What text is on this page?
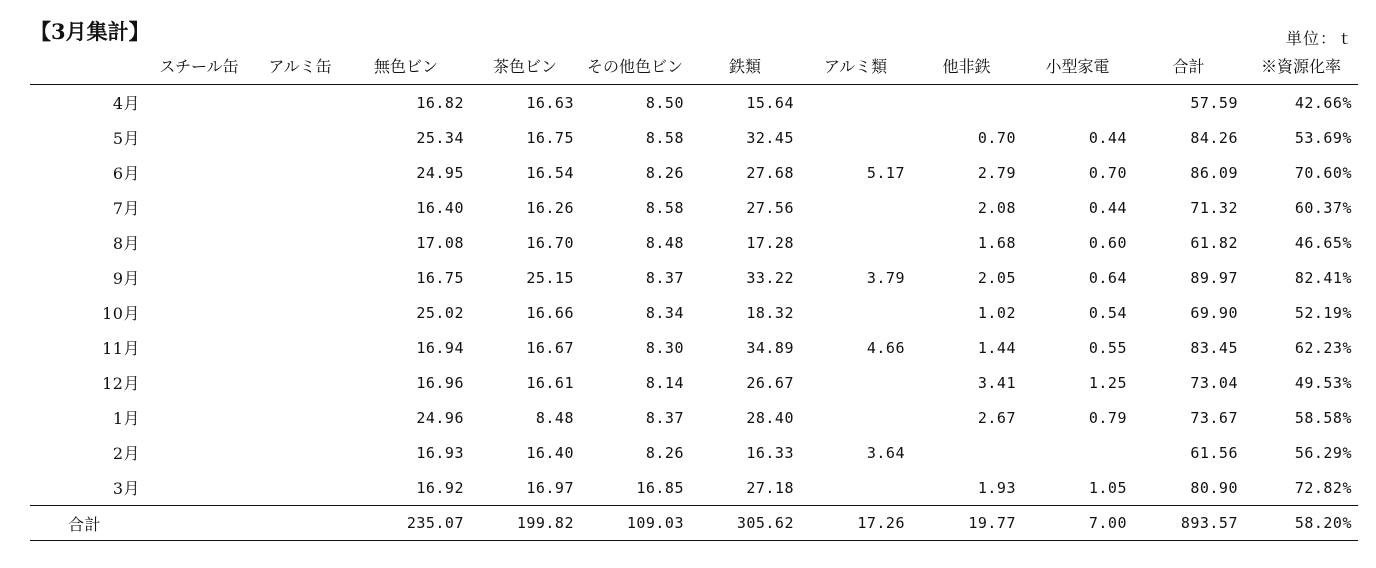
【3月集計】	単位：ｔ
	スチール缶	アルミ缶	無色ビン	茶色ビン	その他色ビン	鉄類	アルミ類	他非鉄	小型家電	合計	※資源化率
4月			16.82	16.63	8.50	15.64				57.59	42.66%
5月			25.34	16.75	8.58	32.45		0.70	0.44	84.26	53.69%
6月			24.95	16.54	8.26	27.68	5.17	2.79	0.70	86.09	70.60%
7月			16.40	16.26	8.58	27.56		2.08	0.44	71.32	60.37%
8月			17.08	16.70	8.48	17.28		1.68	0.60	61.82	46.65%
9月			16.75	25.15	8.37	33.22	3.79	2.05	0.64	89.97	82.41%
10月			25.02	16.66	8.34	18.32		1.02	0.54	69.90	52.19%
11月			16.94	16.67	8.30	34.89	4.66	1.44	0.55	83.45	62.23%
12月			16.96	16.61	8.14	26.67		3.41	1.25	73.04	49.53%
1月			24.96	8.48	8.37	28.40		2.67	0.79	73.67	58.58%
2月			16.93	16.40	8.26	16.33	3.64			61.56	56.29%
3月			16.92	16.97	16.85	27.18		1.93	1.05	80.90	72.82%
合計			235.07	199.82	109.03	305.62	17.26	19.77	7.00	893.57	58.20%
